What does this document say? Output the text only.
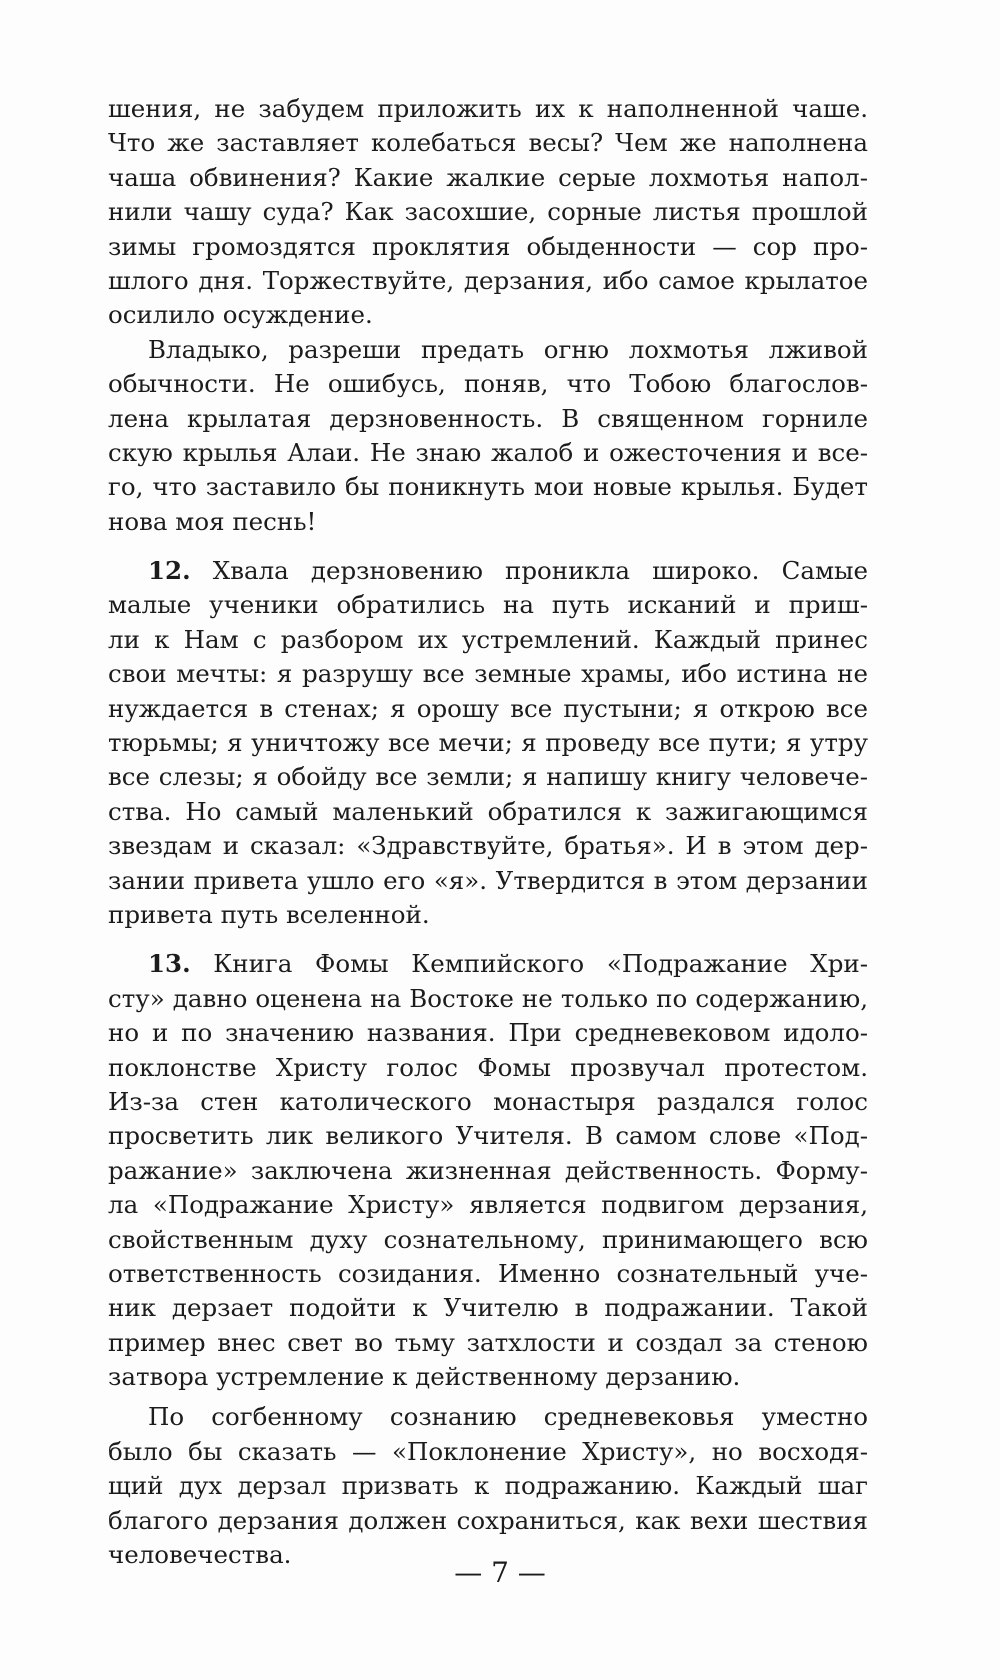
шения, не забудем приложить их к наполненной чаше.
Что же заставляет колебаться весы? Чем же наполнена
чаша обвинения? Какие жалкие серые лохмотья напол-
нили чашу суда? Как засохшие, сорные листья прошлой
зимы громоздятся проклятия обыденности — сор про-
шлого дня. Торжествуйте, дерзания, ибо самое крылатое
осилило осуждение.
Владыко, разреши предать огню лохмотья лживой
обычности. Не ошибусь, поняв, что Тобою благослов-
лена крылатая дерзновенность. В священном горниле
скую крылья Алаи. Не знаю жалоб и ожесточения и все-
го, что заставило бы поникнуть мои новые крылья. Будет
нова моя песнь!
12. Хвала дерзновению проникла широко. Самые
малые ученики обратились на путь исканий и приш-
ли к Нам с разбором их устремлений. Каждый принес
свои мечты: я разрушу все земные храмы, ибо истина не
нуждается в стенах; я орошу все пустыни; я открою все
тюрьмы; я уничтожу все мечи; я проведу все пути; я утру
все слезы; я обойду все земли; я напишу книгу человече-
ства. Но самый маленький обратился к зажигающимся
звездам и сказал: «Здравствуйте, братья». И в этом дер-
зании привета ушло его «я». Утвердится в этом дерзании
привета путь вселенной.
13. Книга Фомы Кемпийского «Подражание Хри-
сту» давно оценена на Востоке не только по содержанию,
но и по значению названия. При средневековом идоло-
поклонстве Христу голос Фомы прозвучал протестом.
Из-за стен католического монастыря раздался голос
просветить лик великого Учителя. В самом слове «Под-
ражание» заключена жизненная действенность. Форму-
ла «Подражание Христу» является подвигом дерзания,
свойственным духу сознательному, принимающего всю
ответственность созидания. Именно сознательный уче-
ник дерзает подойти к Учителю в подражании. Такой
пример внес свет во тьму затхлости и создал за стеною
затвора устремление к действенному дерзанию.
По согбенному сознанию средневековья уместно
было бы сказать — «Поклонение Христу», но восходя-
щий дух дерзал призвать к подражанию. Каждый шаг
благого дерзания должен сохраниться, как вехи шествия
человечества.
— 7 —
